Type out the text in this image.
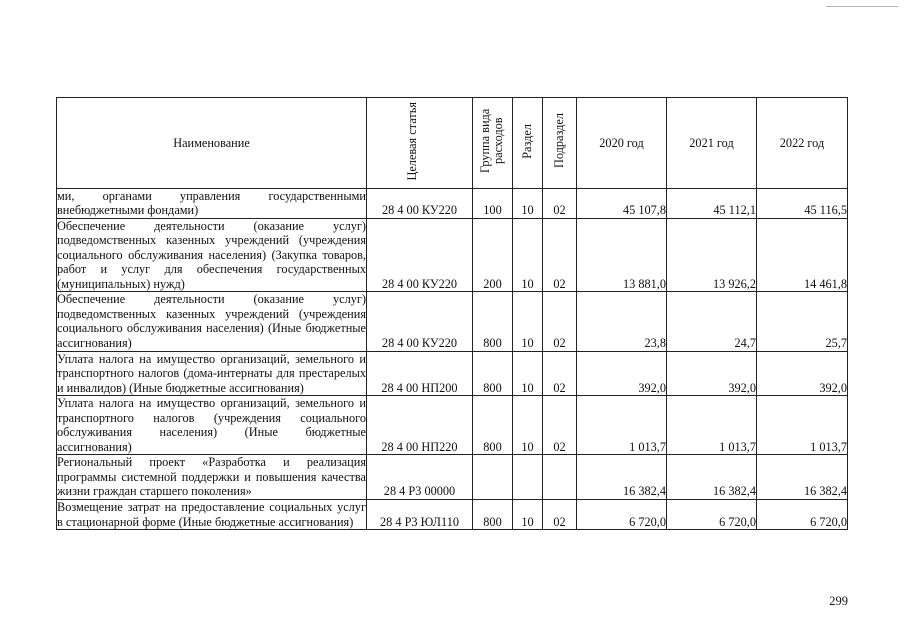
Наименование	Целевая статья	Группа вида расходов	Раздел	Подраздел	2020 год	2021 год	2022 год
ми, органами управления государственными внебюджетными фондами)	28 4 00 КУ220	100	10	02	45 107,8	45 112,1	45 116,5
Обеспечение деятельности (оказание услуг) подведомственных казенных учреждений (учреждения социального обслуживания населения) (Закупка товаров, работ и услуг для обеспечения государственных (муниципальных) нужд)	28 4 00 КУ220	200	10	02	13 881,0	13 926,2	14 461,8
Обеспечение деятельности (оказание услуг) подведомственных казенных учреждений (учреждения социального обслуживания населения) (Иные бюджетные ассигнования)	28 4 00 КУ220	800	10	02	23,8	24,7	25,7
Уплата налога на имущество организаций, земельного и транспортного налогов (дома-интернаты для престарелых и инвалидов) (Иные бюджетные ассигнования)	28 4 00 НП200	800	10	02	392,0	392,0	392,0
Уплата налога на имущество организаций, земельного и транспортного налогов (учреждения социального обслуживания населения) (Иные бюджетные ассигнования)	28 4 00 НП220	800	10	02	1 013,7	1 013,7	1 013,7
Региональный проект «Разработка и реализация программы системной поддержки и повышения качества жизни граждан старшего поколения»	28 4 Р3 00000				16 382,4	16 382,4	16 382,4
Возмещение затрат на предоставление социальных услуг в стационарной форме (Иные бюджетные ассигнования)	28 4 Р3 ЮЛ110	800	10	02	6 720,0	6 720,0	6 720,0
299
